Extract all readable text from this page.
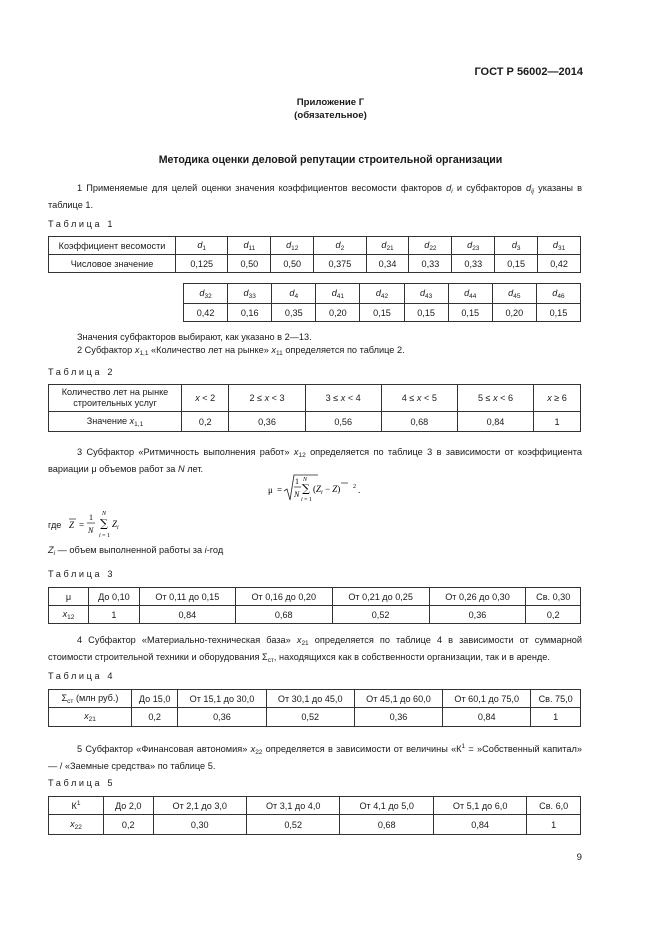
ГОСТ Р 56002—2014
Приложение Г
(обязательное)
Методика оценки деловой репутации строительной организации
1 Применяемые для целей оценки значения коэффициентов весомости факторов $d_i$ и субфакторов $d_{ij}$ указаны в таблице 1.
Таблица 1
Коэффициент весомости	$d_1$	$d_{11}$	$d_{12}$	$d_2$	$d_{21}$	$d_{22}$	$d_{23}$	$d_3$	$d_{31}$
Числовое значение	0,125	0,50	0,50	0,375	0,34	0,33	0,33	0,15	0,42
$d_{32}$	$d_{33}$	$d_4$	$d_{41}$	$d_{42}$	$d_{43}$	$d_{44}$	$d_{45}$	$d_{46}$
0,42	0,16	0,35	0,20	0,15	0,15	0,15	0,20	0,15
Значения субфакторов выбирают, как указано в 2—13.
2 Субфактор $x_{1,1}$ «Количество лет на рынке» $x_{11}$ определяется по таблице 2.
Таблица 2
Количество лет на рынке строительных услуг	x < 2	2 ≤ x < 3	3 ≤ x < 4	4 ≤ x < 5	5 ≤ x < 6	x ≥ 6
Значение $x_{1,1}$	0,2	0,36	0,56	0,68	0,84	1
3 Субфактор «Ритмичность выполнения работ» $x_{12}$ определяется по таблице 3 в зависимости от коэффициента вариации μ объемов работ за N лет.
μ =
1
N
N
∑
i = 1
$(Z_i - Z)$ 2 .
где Z =
1
N
N
∑
i = 1
$Z_i$
$Z_i$ — объем выполненной работы за i-год
Таблица 3
μ	До 0,10	От 0,11 до 0,15	От 0,16 до 0,20	От 0,21 до 0,25	От 0,26 до 0,30	Св. 0,30
$x_{12}$	1	0,84	0,68	0,52	0,36	0,2
4 Субфактор «Материально-техническая база» $x_{21}$ определяется по таблице 4 в зависимости от суммарной стоимости строительной техники и оборудования $\Sigma_{ст}$, находящихся как в собственности организации, так и в аренде.
Таблица 4
$\Sigma_{ст}$ (млн руб.)	До 15,0	От 15,1 до 30,0	От 30,1 до 45,0	От 45,1 до 60,0	От 60,1 до 75,0	Св. 75,0
$x_{21}$	0,2	0,36	0,52	0,36	0,84	1
5 Субфактор «Финансовая автономия» $x_{22}$ определяется в зависимости от величины «$К^1$ = »Собственный капитал» — / «Заемные средства» по таблице 5.
Таблица 5
$К^1$	До 2,0	От 2,1 до 3,0	От 3,1 до 4,0	От 4,1 до 5,0	От 5,1 до 6,0	Св. 6,0
$x_{22}$	0,2	0,30	0,52	0,68	0,84	1
9
